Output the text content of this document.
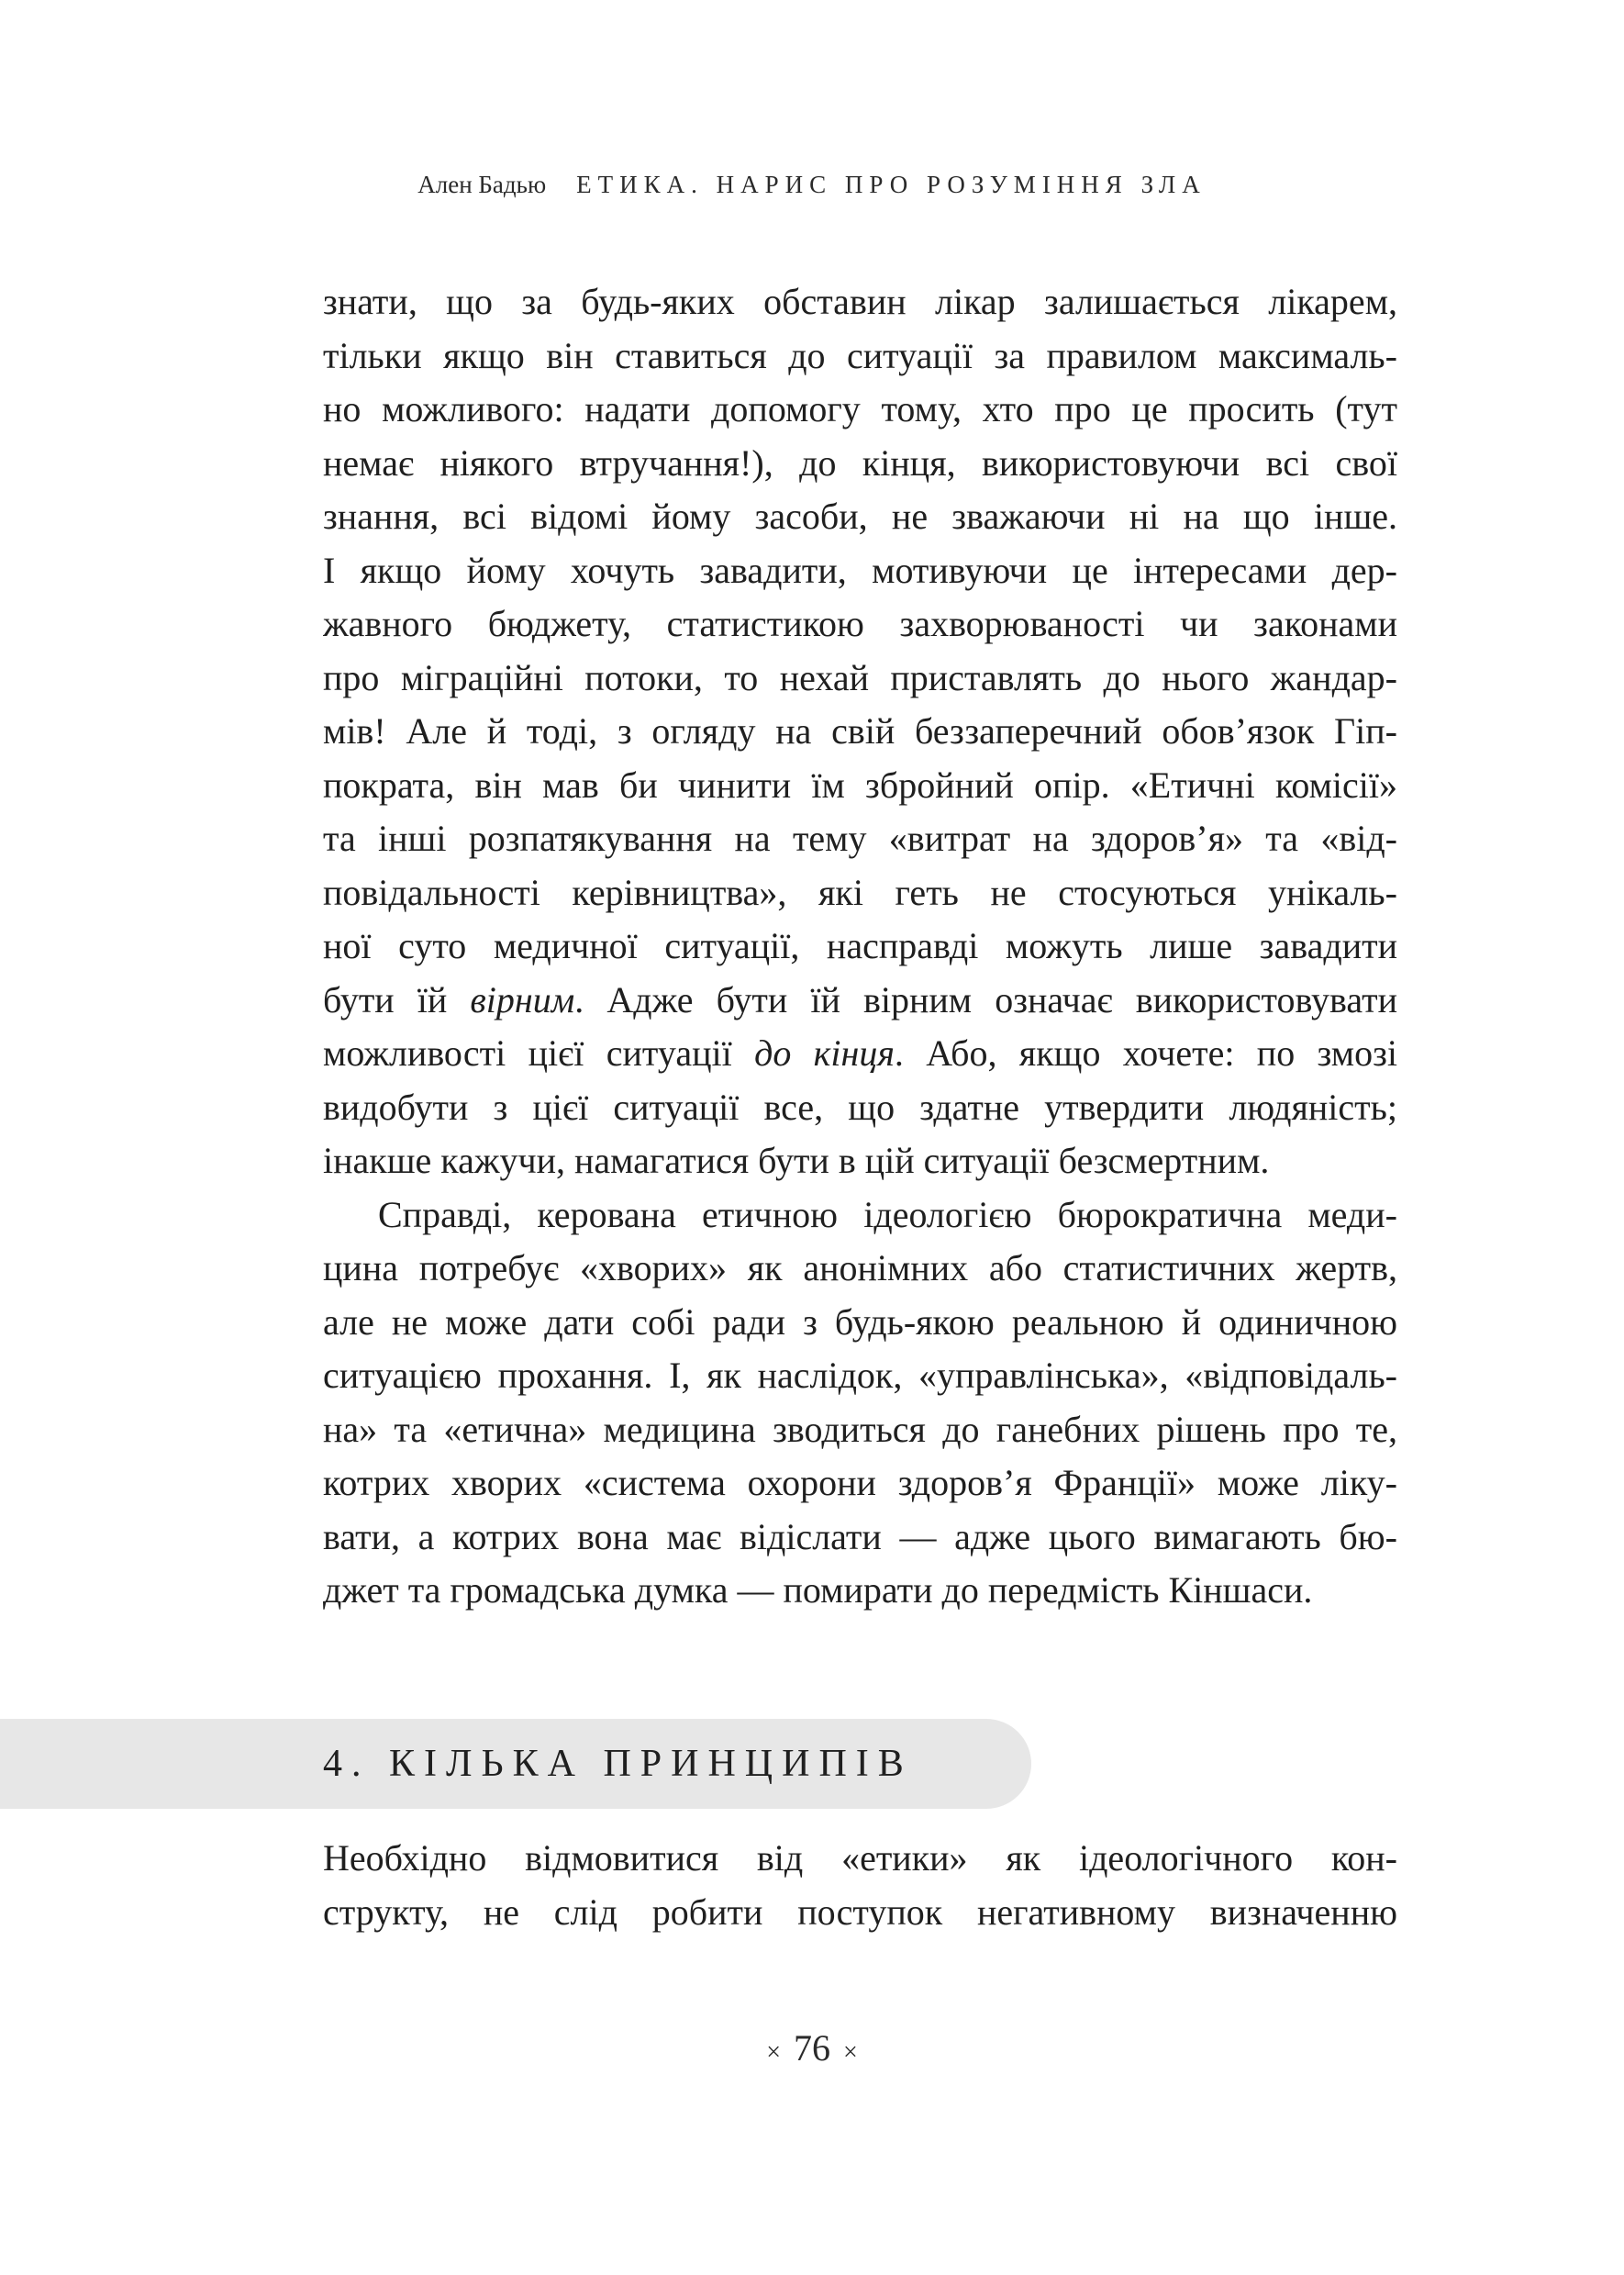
Ален Бадью ЕТИКА. НАРИС ПРО РОЗУМІННЯ ЗЛА
знати, що за будь-яких обставин лікар залишається лікарем,
тільки якщо він ставиться до ситуації за правилом максималь-
но можливого: надати допомогу тому, хто про це просить (тут
немає ніякого втручання!), до кінця, використовуючи всі свої
знання, всі відомі йому засоби, не зважаючи ні на що інше.
І якщо йому хочуть завадити, мотивуючи це інтересами дер-
жавного бюджету, статистикою захворюваності чи законами
про міграційні потоки, то нехай приставлять до нього жандар-
мів! Але й тоді, з огляду на свій беззаперечний обов’язок Гіп-
пократа, він мав би чинити їм збройний опір. «Етичні комісії»
та інші розпатякування на тему «витрат на здоров’я» та «від-
повідальності керівництва», які геть не стосуються унікаль-
ної суто медичної ситуації, насправді можуть лише завадити
бути їй вірним. Адже бути їй вірним означає використовувати
можливості цієї ситуації до кінця. Або, якщо хочете: по змозі
видобути з цієї ситуації все, що здатне утвердити людяність;
інакше кажучи, намагатися бути в цій ситуації безсмертним.
Справді, керована етичною ідеологією бюрократична меди-
цина потребує «хворих» як анонімних або статистичних жертв,
але не може дати собі ради з будь-якою реальною й одиничною
ситуацією прохання. І, як наслідок, «управлінська», «відповідаль-
на» та «етична» медицина зводиться до ганебних рішень про те,
котрих хворих «система охорони здоров’я Франції» може ліку-
вати, а котрих вона має відіслати — адже цього вимагають бю-
джет та громадська думка — помирати до передмість Кіншаси.
4. КІЛЬКА ПРИНЦИПІВ
Необхідно відмовитися від «етики» як ідеологічного кон-
структу, не слід робити поступок негативному визначенню
× 76 ×
